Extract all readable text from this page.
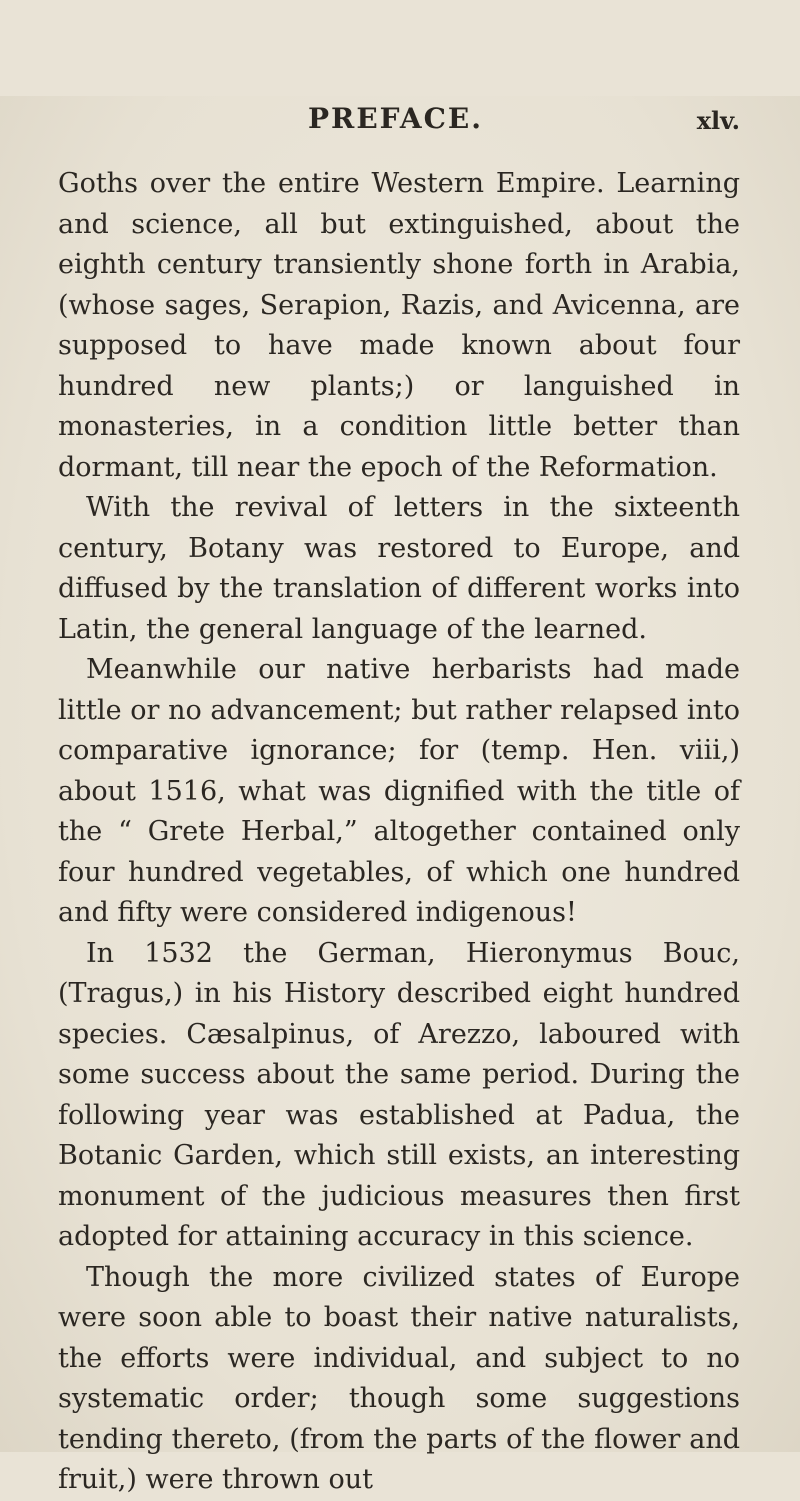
PREFACE.	xlv.

Goths over the entire Western Empire. Learning and science, all but extinguished, about the eighth century transiently shone forth in Arabia, (whose sages, Serapion, Razis, and Avicenna, are supposed to have made known about four hundred new plants;) or languished in monasteries, in a condition little better than dormant, till near the epoch of the Reformation.

With the revival of letters in the sixteenth century, Botany was restored to Europe, and diffused by the translation of different works into Latin, the general language of the learned.

Meanwhile our native herbarists had made little or no advancement; but rather relapsed into comparative ignorance; for (temp. Hen. viii,) about 1516, what was dignified with the title of the “ Grete Herbal,” altogether contained only four hundred vegetables, of which one hundred and fifty were considered indigenous!

In 1532 the German, Hieronymus Bouc, (Tragus,) in his History described eight hundred species. Cæsalpinus, of Arezzo, laboured with some success about the same period. During the following year was established at Padua, the Botanic Garden, which still exists, an interesting monument of the judicious measures then first adopted for attaining accuracy in this science.

Though the more civilized states of Europe were soon able to boast their native naturalists, the efforts were individual, and subject to no systematic order; though some suggestions tending thereto, (from the parts of the flower and fruit,) were thrown out
